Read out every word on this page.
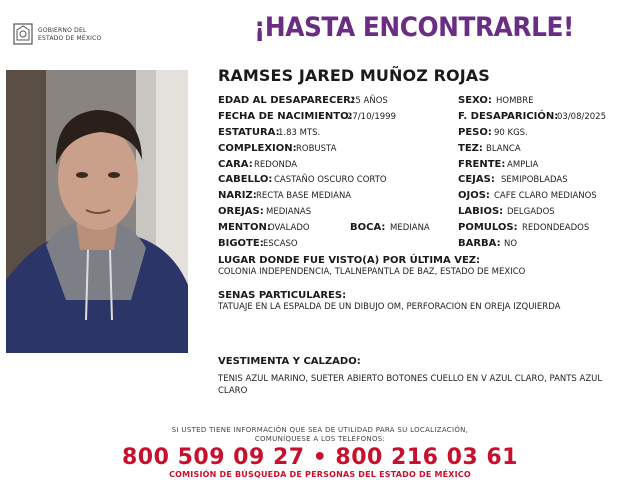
GOBIERNO DEL
ESTADO DE MÉXICO	¡HASTA ENCONTRARLE!
RAMSES JARED MUÑOZ ROJAS
EDAD AL DESAPARECER:
25 AÑOS
FECHA DE NACIMIENTO:
27/10/1999
ESTATURA:
1.83 MTS.
COMPLEXION: ROBUSTA
CARA: REDONDA
CABELLO: CASTAÑO OSCURO CORTO
NARIZ: RECTA BASE MEDIANA
OREJAS: MEDIANAS
MENTON:
OVALADO	BOCA: MEDIANA
BIGOTE: ESCASO
SEXO: HOMBRE
F. DESAPARICIÓN:
03/08/2025
PESO: 90 KGS.
TEZ: BLANCA
FRENTE: AMPLIA
CEJAS: SEMIPOBLADAS
OJOS: CAFE CLARO MEDIANOS
LABIOS: DELGADOS
POMULOS: REDONDEADOS
BARBA: NO
LUGAR DONDE FUE VISTO(A) POR ÚLTIMA VEZ:
COLONIA INDEPENDENCIA, TLALNEPANTLA DE BAZ, ESTADO DE MEXICO
SENAS PARTICULARES:
TATUAJE EN LA ESPALDA DE UN DIBUJO OM, PERFORACION EN OREJA IZQUIERDA
VESTIMENTA Y CALZADO:
TENIS AZUL MARINO, SUETER ABIERTO BOTONES CUELLO EN V AZUL CLARO, PANTS AZUL CLARO
SI USTED TIENE INFORMACIÓN QUE SEA DE UTILIDAD PARA SU LOCALIZACIÓN,
COMUNÍQUESE A LOS TELÉFONOS:
800 509 09 27 • 800 216 03 61
COMISIÓN DE BÚSQUEDA DE PERSONAS DEL ESTADO DE MÉXICO
